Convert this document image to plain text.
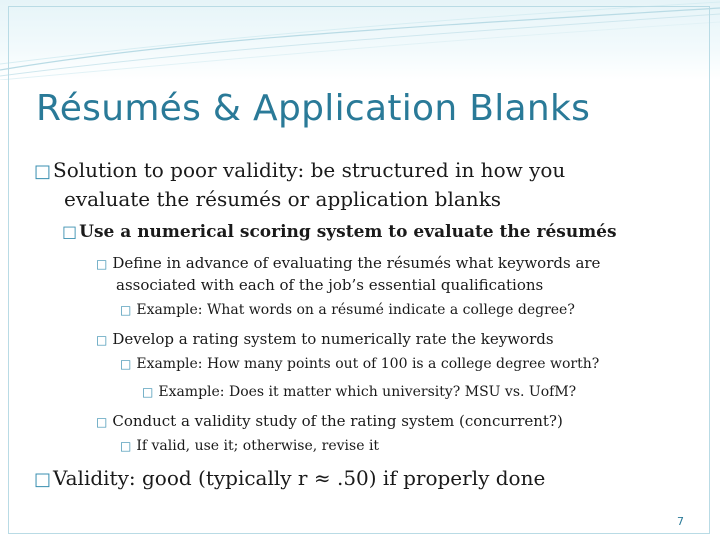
Résumés & Application Blanks
□ Solution to poor validity: be structured in how you
evaluate the résumés or application blanks
□ Use a numerical scoring system to evaluate the résumés
□ Define in advance of evaluating the résumés what keywords are
associated with each of the job’s essential qualifications
□ Example: What words on a résumé indicate a college degree?
□ Develop a rating system to numerically rate the keywords
□ Example: How many points out of 100 is a college degree worth?
□ Example: Does it matter which university? MSU vs. UofM?
□ Conduct a validity study of the rating system (concurrent?)
□ If valid, use it; otherwise, revise it
□ Validity: good (typically r ≈ .50) if properly done
7
